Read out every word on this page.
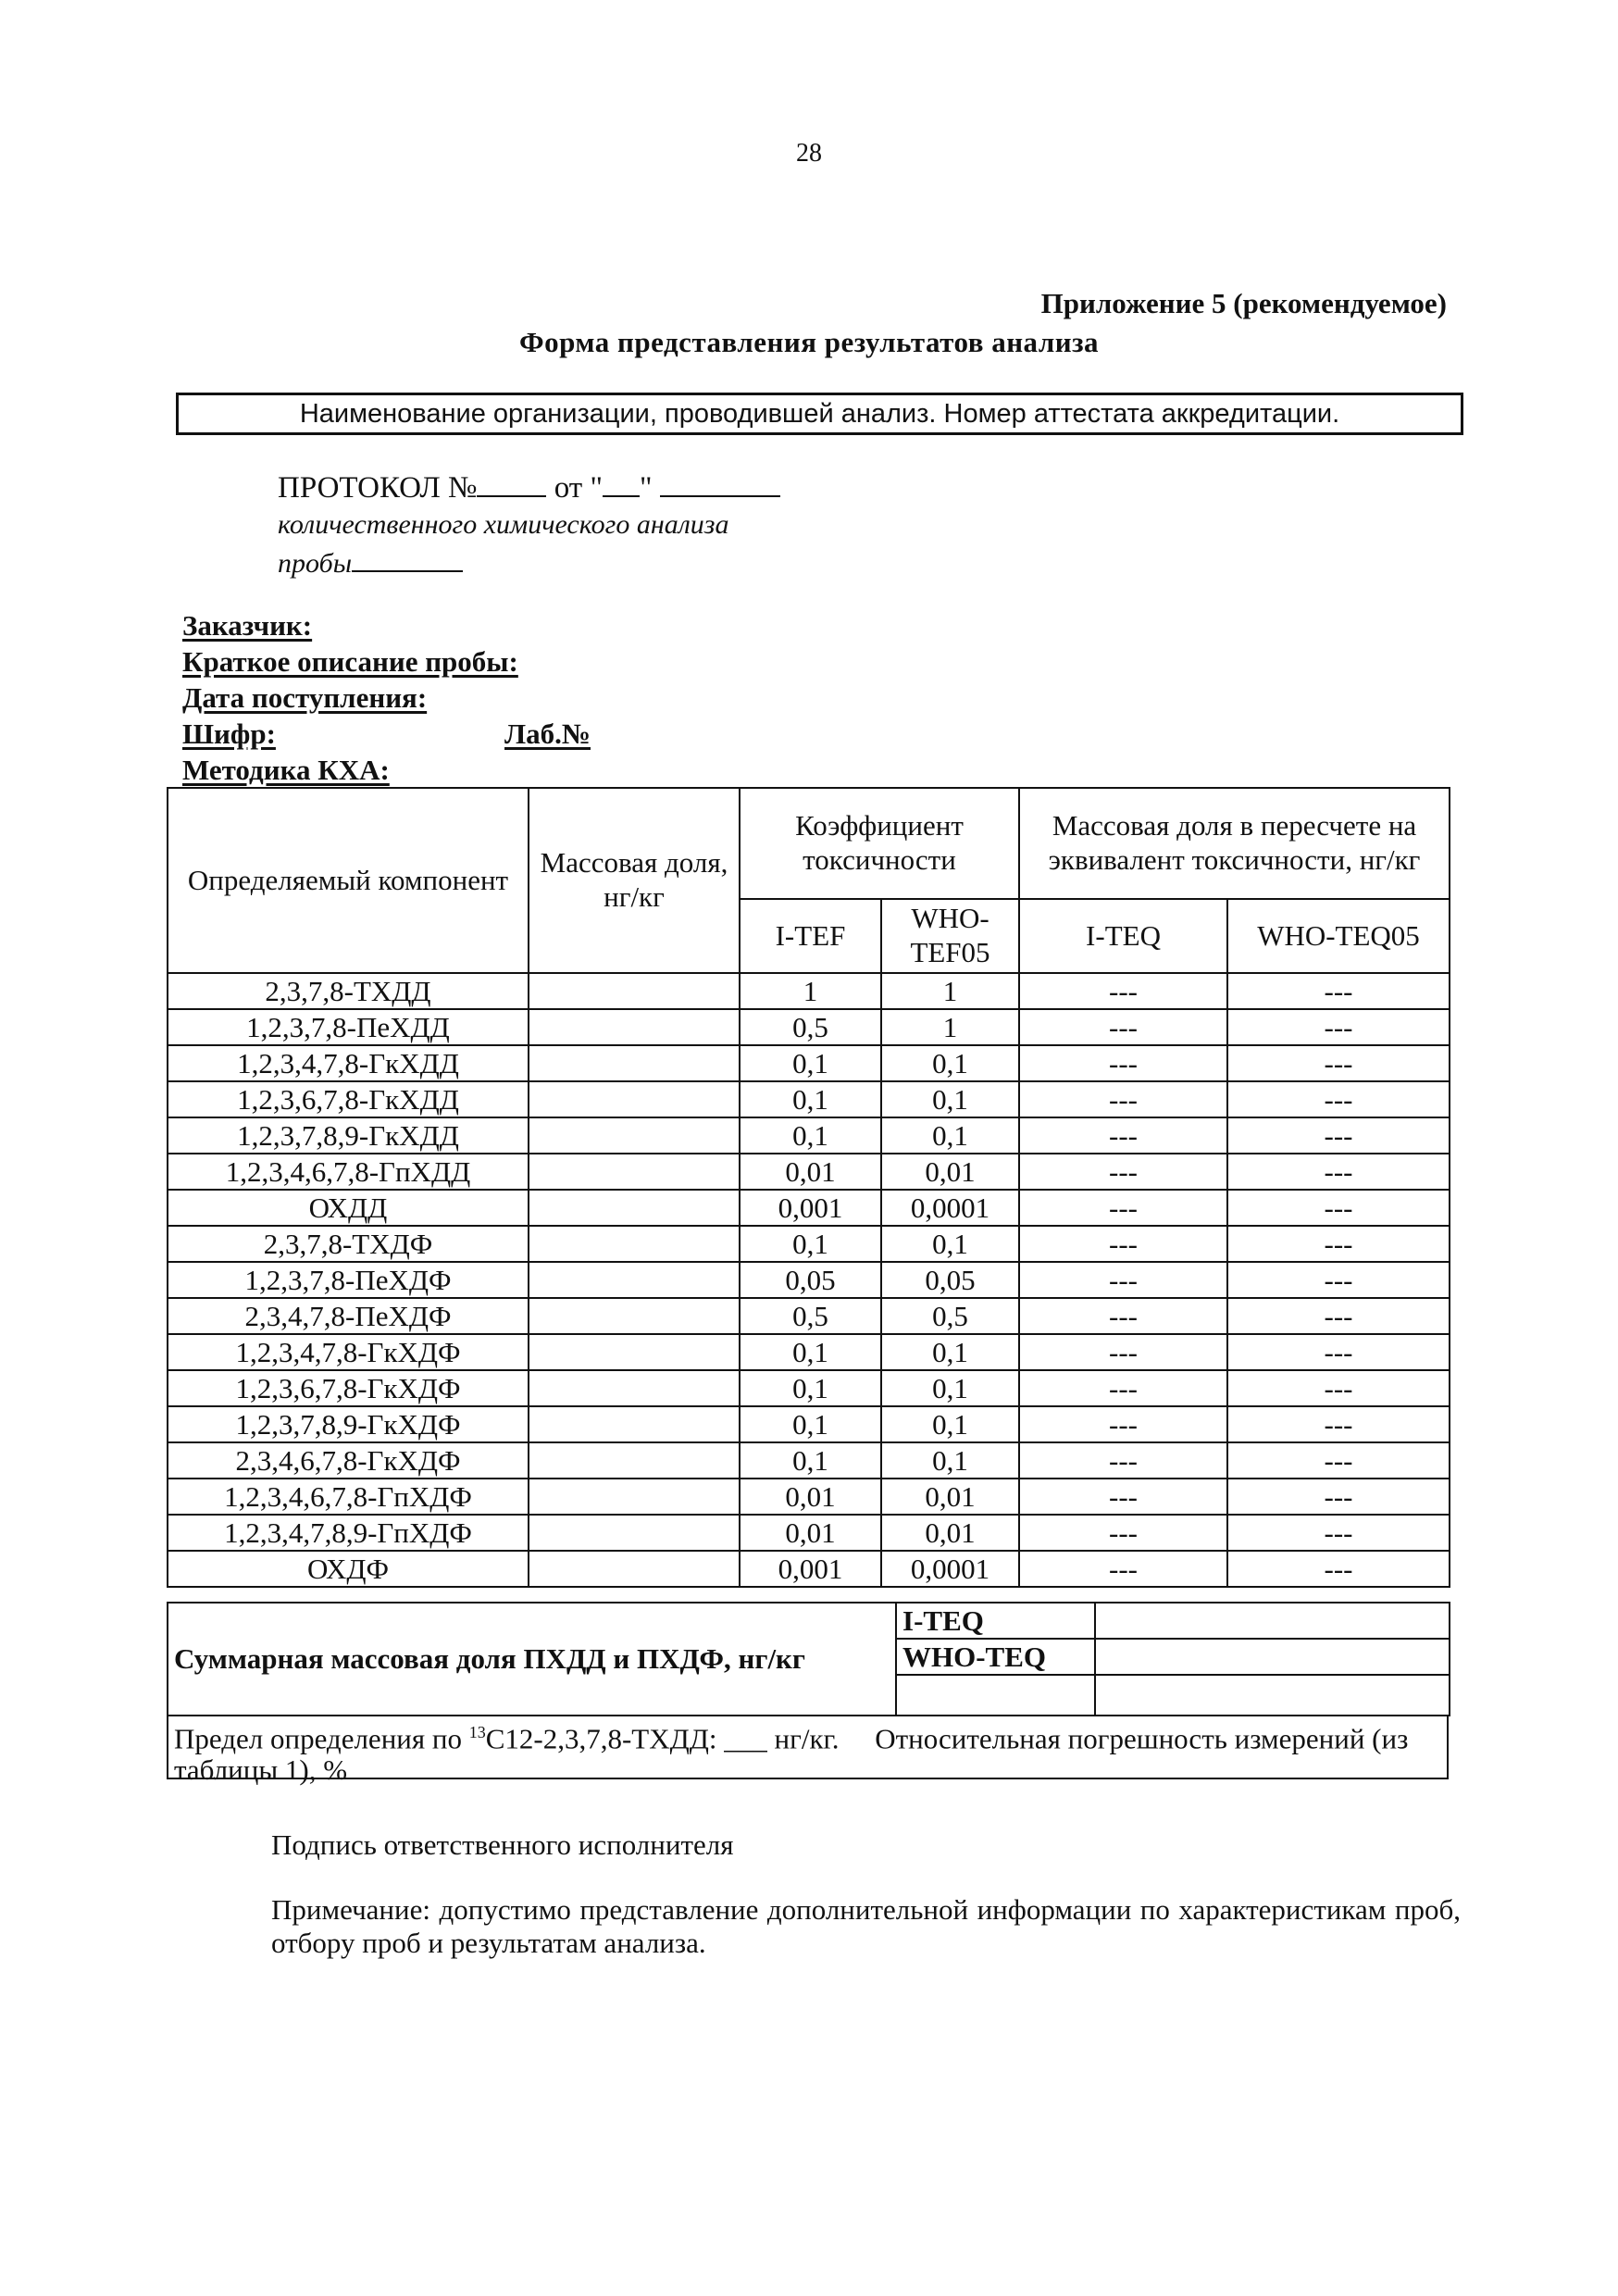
28
Приложение 5 (рекомендуемое)
Форма представления результатов анализа
Наименование организации, проводившей анализ. Номер аттестата аккредитации.
ПРОТОКОЛ №	от " "
количественного химического анализа
пробы
Заказчик:
Краткое описание пробы:
Дата поступления:
Шифр:	Лаб.№
Методика КХА:
Определяемый компонент	Массовая доля, нг/кг	Коэффициент токсичности		Массовая доля в пересчете на эквивалент токсичности, нг/кг	
		I-TEF	WHO-TEF05	I-TEQ	WHO-TEQ05
2,3,7,8-ТХДД		1	1	---	---
1,2,3,7,8-ПеХДД		0,5	1	---	---
1,2,3,4,7,8-ГкХДД		0,1	0,1	---	---
1,2,3,6,7,8-ГкХДД		0,1	0,1	---	---
1,2,3,7,8,9-ГкХДД		0,1	0,1	---	---
1,2,3,4,6,7,8-ГпХДД		0,01	0,01	---	---
ОХДД		0,001	0,0001	---	---
2,3,7,8-ТХДФ		0,1	0,1	---	---
1,2,3,7,8-ПеХДФ		0,05	0,05	---	---
2,3,4,7,8-ПеХДФ		0,5	0,5	---	---
1,2,3,4,7,8-ГкХДФ		0,1	0,1	---	---
1,2,3,6,7,8-ГкХДФ		0,1	0,1	---	---
1,2,3,7,8,9-ГкХДФ		0,1	0,1	---	---
2,3,4,6,7,8-ГкХДФ		0,1	0,1	---	---
1,2,3,4,6,7,8-ГпХДФ		0,01	0,01	---	---
1,2,3,4,7,8,9-ГпХДФ		0,01	0,01	---	---
ОХДФ		0,001	0,0001	---	---
Суммарная массовая доля ПХДД и ПХДФ, нг/кг	I-TEQ	
	WHO-TEQ	

Предел определения по $^{13}$C12-2,3,7,8-ТХДД: ___ нг/кг. Относительная погрешность измерений (из таблицы 1), %
Подпись ответственного исполнителя
Примечание: допустимо представление дополнительной информации по характеристикам проб, отбору проб и результатам анализа.
